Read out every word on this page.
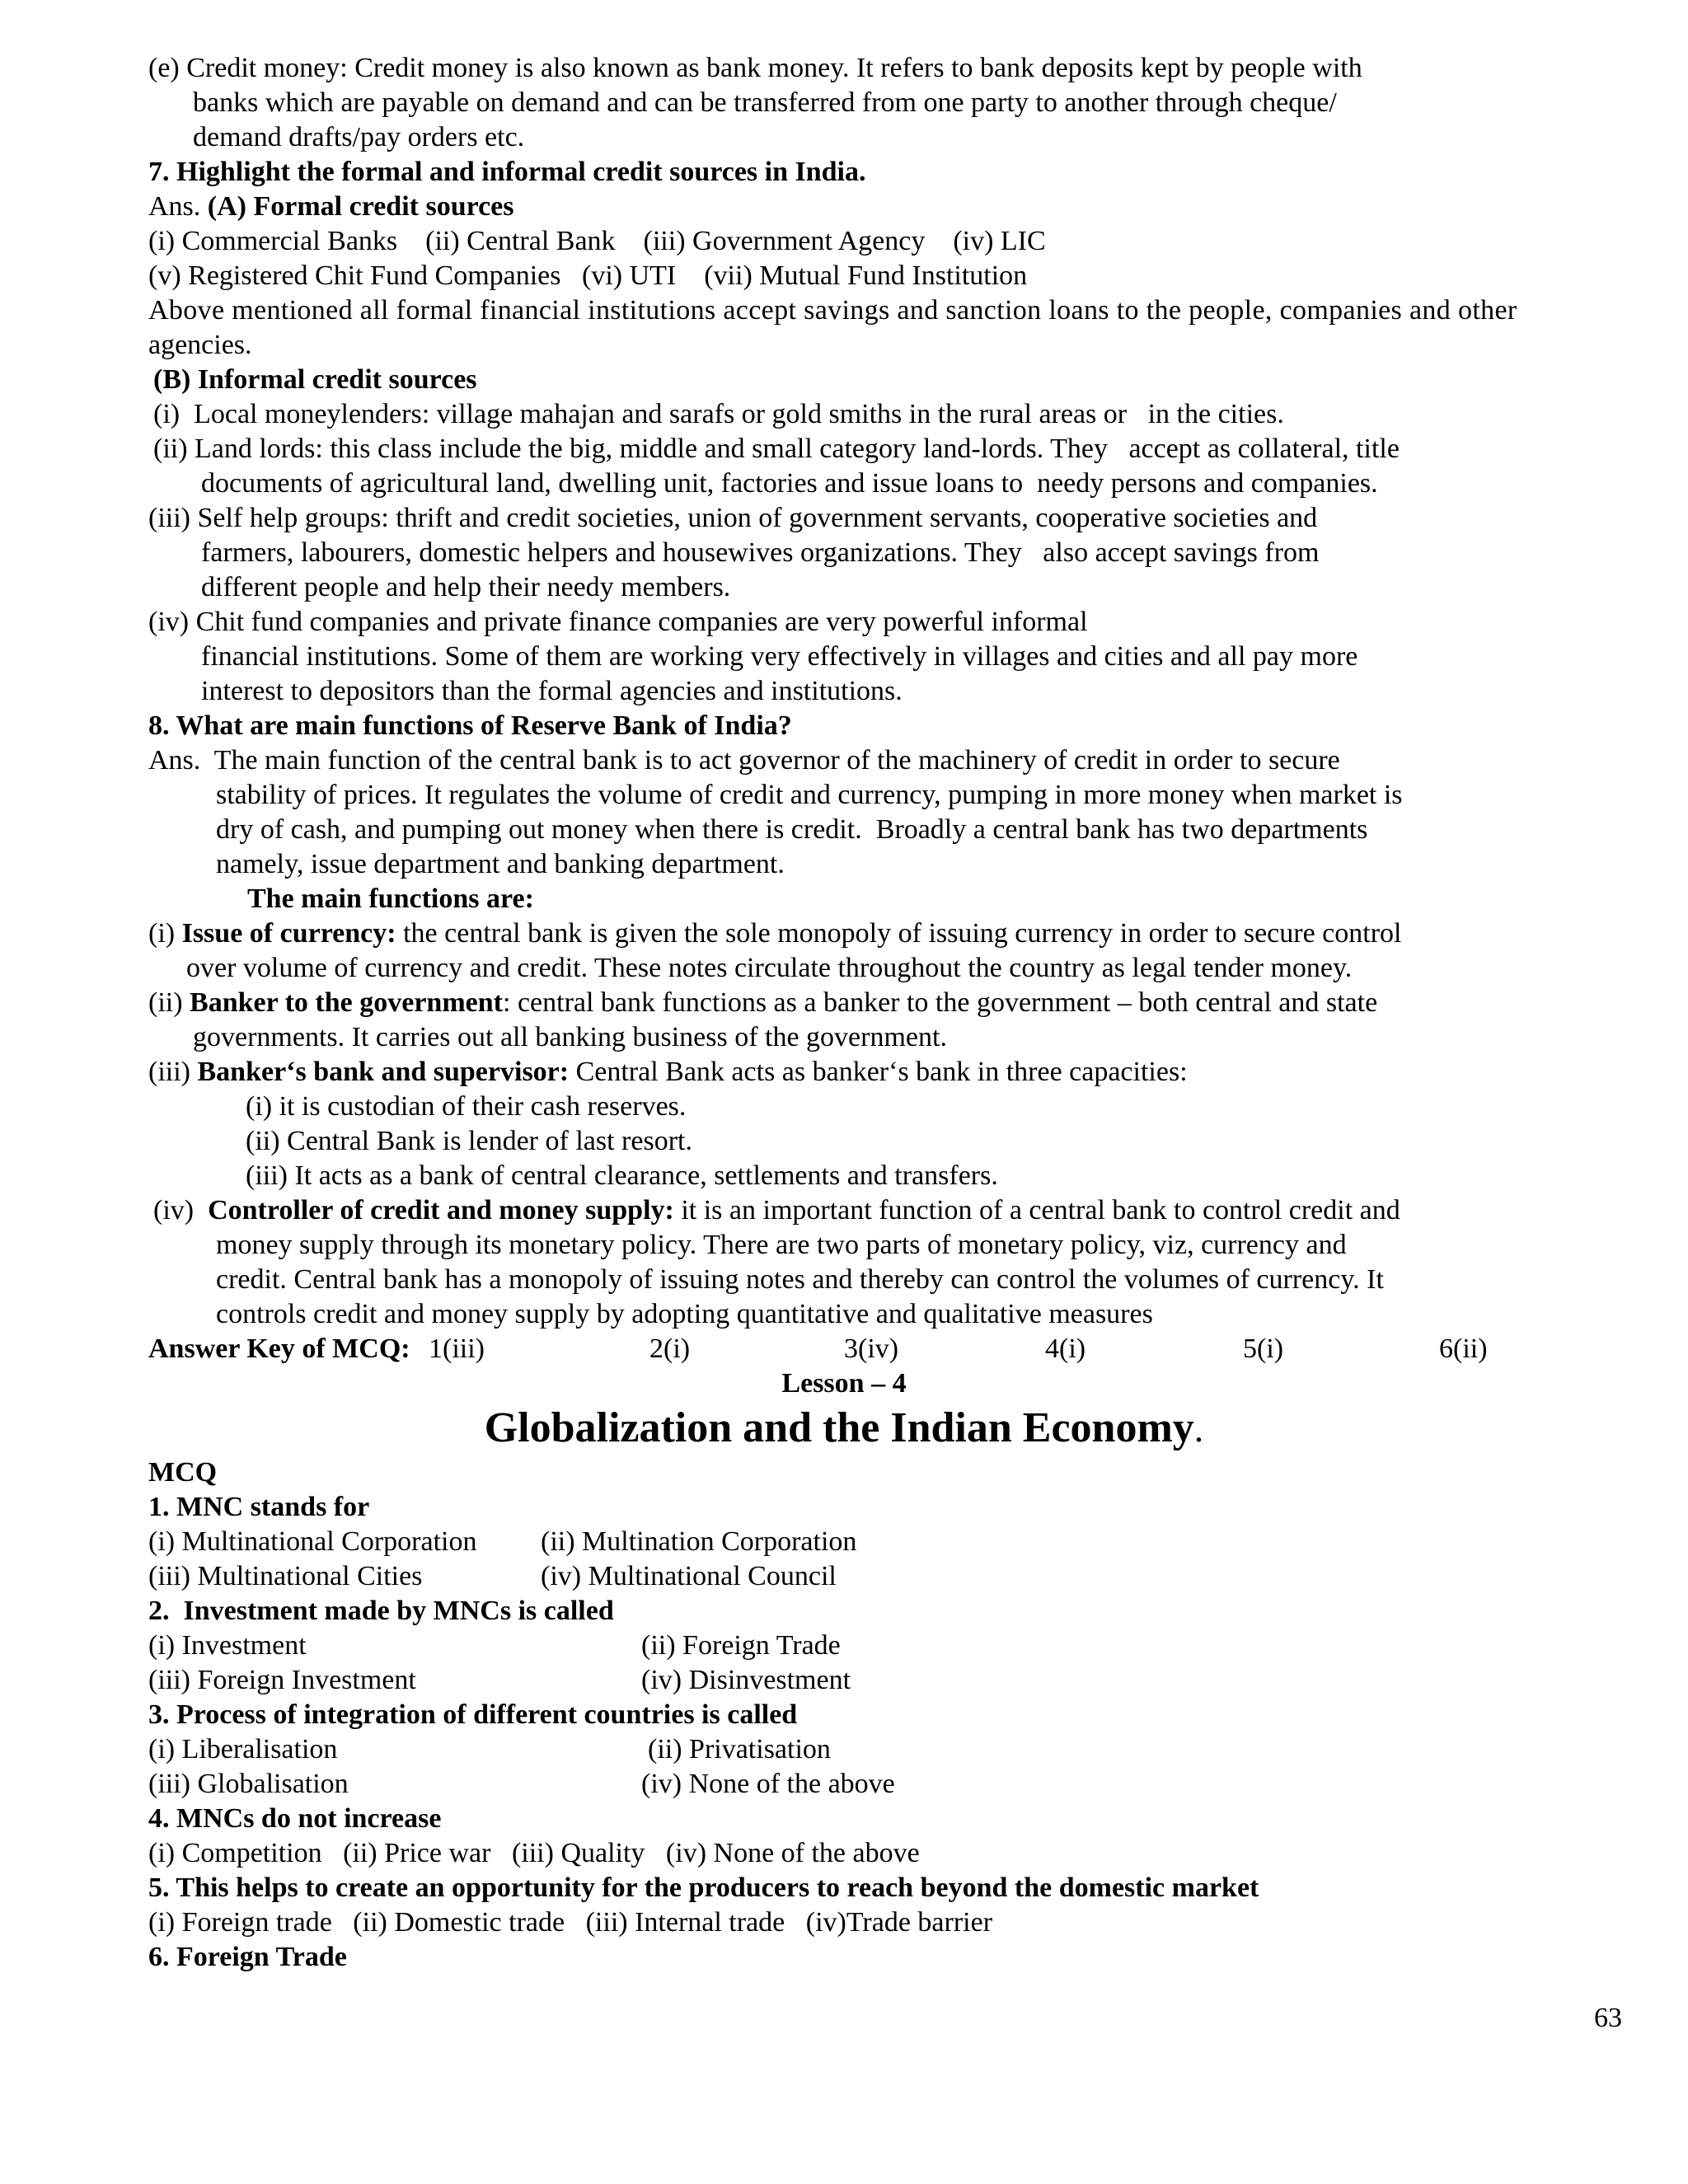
(e) Credit money: Credit money is also known as bank money. It refers to bank deposits kept by people with
banks which are payable on demand and can be transferred from one party to another through cheque/
demand drafts/pay orders etc.
7. Highlight the formal and informal credit sources in India.
Ans. (A) Formal credit sources
(i) Commercial Banks    (ii) Central Bank    (iii) Government Agency    (iv) LIC
(v) Registered Chit Fund Companies   (vi) UTI    (vii) Mutual Fund Institution
Above mentioned all formal financial institutions accept savings and sanction loans to the people, companies and other
agencies.
(B) Informal credit sources
(i)  Local moneylenders: village mahajan and sarafs or gold smiths in the rural areas or   in the cities.
(ii) Land lords: this class include the big, middle and small category land-lords. They   accept as collateral, title
documents of agricultural land, dwelling unit, factories and issue loans to  needy persons and companies.
(iii) Self help groups: thrift and credit societies, union of government servants, cooperative societies and
farmers, labourers, domestic helpers and housewives organizations. They   also accept savings from
different people and help their needy members.
(iv) Chit fund companies and private finance companies are very powerful informal
financial institutions. Some of them are working very effectively in villages and cities and all pay more
interest to depositors than the formal agencies and institutions.
8. What are main functions of Reserve Bank of India?
Ans.  The main function of the central bank is to act governor of the machinery of credit in order to secure
stability of prices. It regulates the volume of credit and currency, pumping in more money when market is
dry of cash, and pumping out money when there is credit.  Broadly a central bank has two departments
namely, issue department and banking department.
The main functions are:
(i) Issue of currency: the central bank is given the sole monopoly of issuing currency in order to secure control
over volume of currency and credit. These notes circulate throughout the country as legal tender money.
(ii) Banker to the government: central bank functions as a banker to the government – both central and state
governments. It carries out all banking business of the government.
(iii) Banker‘s bank and supervisor: Central Bank acts as banker‘s bank in three capacities:
(i) it is custodian of their cash reserves.
(ii) Central Bank is lender of last resort.
(iii) It acts as a bank of central clearance, settlements and transfers.
(iv)  Controller of credit and money supply: it is an important function of a central bank to control credit and
money supply through its monetary policy. There are two parts of monetary policy, viz, currency and
credit. Central bank has a monopoly of issuing notes and thereby can control the volumes of currency. It
controls credit and money supply by adopting quantitative and qualitative measures
Answer Key of MCQ: 1(iii)	2(i)	3(iv)	4(i)	5(i)	6(ii)
Lesson – 4
Globalization and the Indian Economy.
MCQ
1. MNC stands for
(i) Multinational Corporation (ii) Multination Corporation
(iii) Multinational Cities	(iv) Multinational Council
2.  Investment made by MNCs is called
(i) Investment	(ii) Foreign Trade
(iii) Foreign Investment	(iv) Disinvestment
3. Process of integration of different countries is called
(i) Liberalisation	(ii) Privatisation
(iii) Globalisation	(iv) None of the above
4. MNCs do not increase
(i) Competition   (ii) Price war   (iii) Quality   (iv) None of the above
5. This helps to create an opportunity for the producers to reach beyond the domestic market
(i) Foreign trade   (ii) Domestic trade   (iii) Internal trade   (iv)Trade barrier
6. Foreign Trade
63
